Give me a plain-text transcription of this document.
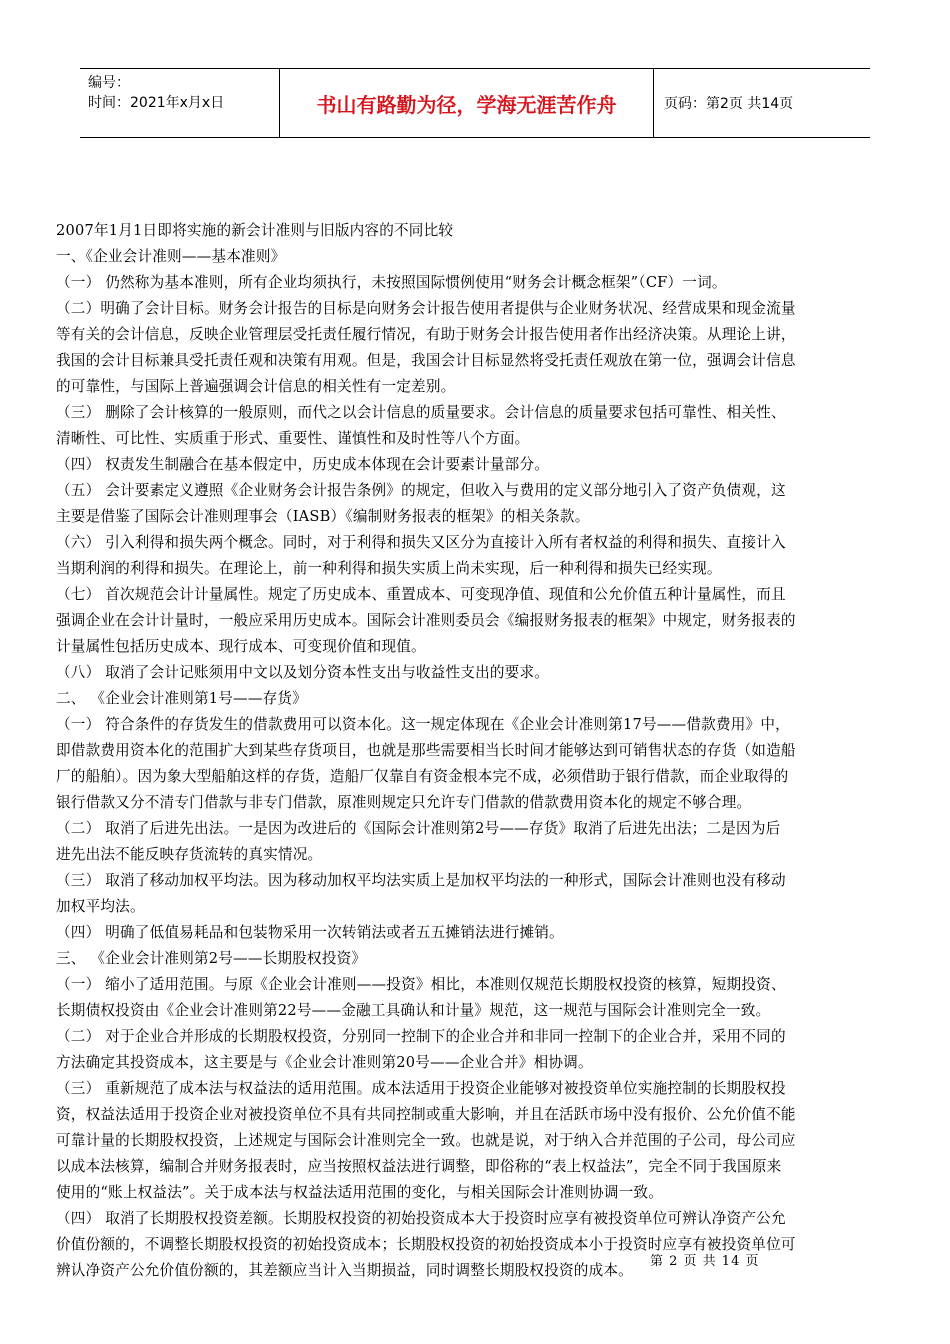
编号：
时间：2021年x月x日	书山有路勤为径，学海无涯苦作舟	页码：第2页 共14页

2007年1月1日即将实施的新会计准则与旧版内容的不同比较

一、《企业会计准则——基本准则》

（一） 仍然称为基本准则，所有企业均须执行，未按照国际惯例使用“财务会计概念框架”（CF）一词。

（二）明确了会计目标。财务会计报告的目标是向财务会计报告使用者提供与企业财务状况、经营成果和现金流量

等有关的会计信息，反映企业管理层受托责任履行情况，有助于财务会计报告使用者作出经济决策。从理论上讲，

我国的会计目标兼具受托责任观和决策有用观。但是，我国会计目标显然将受托责任观放在第一位，强调会计信息

的可靠性，与国际上普遍强调会计信息的相关性有一定差别。

（三） 删除了会计核算的一般原则，而代之以会计信息的质量要求。会计信息的质量要求包括可靠性、相关性、

清晰性、可比性、实质重于形式、重要性、谨慎性和及时性等八个方面。

（四） 权责发生制融合在基本假定中，历史成本体现在会计要素计量部分。

（五） 会计要素定义遵照《企业财务会计报告条例》的规定，但收入与费用的定义部分地引入了资产负债观，这

主要是借鉴了国际会计准则理事会（IASB）《编制财务报表的框架》的相关条款。

（六） 引入利得和损失两个概念。同时，对于利得和损失又区分为直接计入所有者权益的利得和损失、直接计入

当期利润的利得和损失。在理论上，前一种利得和损失实质上尚未实现，后一种利得和损失已经实现。

（七） 首次规范会计计量属性。规定了历史成本、重置成本、可变现净值、现值和公允价值五种计量属性，而且

强调企业在会计计量时，一般应采用历史成本。国际会计准则委员会《编报财务报表的框架》中规定，财务报表的

计量属性包括历史成本、现行成本、可变现价值和现值。

（八） 取消了会计记账须用中文以及划分资本性支出与收益性支出的要求。

二、 《企业会计准则第1号——存货》

（一） 符合条件的存货发生的借款费用可以资本化。这一规定体现在《企业会计准则第17号——借款费用》中，

即借款费用资本化的范围扩大到某些存货项目，也就是那些需要相当长时间才能够达到可销售状态的存货（如造船

厂的船舶）。因为象大型船舶这样的存货，造船厂仅靠自有资金根本完不成，必须借助于银行借款，而企业取得的

银行借款又分不清专门借款与非专门借款，原准则规定只允许专门借款的借款费用资本化的规定不够合理。

（二） 取消了后进先出法。一是因为改进后的《国际会计准则第2号——存货》取消了后进先出法；二是因为后

进先出法不能反映存货流转的真实情况。

（三） 取消了移动加权平均法。因为移动加权平均法实质上是加权平均法的一种形式，国际会计准则也没有移动

加权平均法。

（四） 明确了低值易耗品和包装物采用一次转销法或者五五摊销法进行摊销。

三、 《企业会计准则第2号——长期股权投资》

（一） 缩小了适用范围。与原《企业会计准则——投资》相比，本准则仅规范长期股权投资的核算，短期投资、

长期债权投资由《企业会计准则第22号——金融工具确认和计量》规范，这一规范与国际会计准则完全一致。

（二） 对于企业合并形成的长期股权投资，分别同一控制下的企业合并和非同一控制下的企业合并，采用不同的

方法确定其投资成本，这主要是与《企业会计准则第20号——企业合并》相协调。

（三） 重新规范了成本法与权益法的适用范围。成本法适用于投资企业能够对被投资单位实施控制的长期股权投

资，权益法适用于投资企业对被投资单位不具有共同控制或重大影响，并且在活跃市场中没有报价、公允价值不能

可靠计量的长期股权投资，上述规定与国际会计准则完全一致。也就是说，对于纳入合并范围的子公司，母公司应

以成本法核算，编制合并财务报表时，应当按照权益法进行调整，即俗称的“表上权益法”，完全不同于我国原来

使用的“账上权益法”。关于成本法与权益法适用范围的变化，与相关国际会计准则协调一致。

（四） 取消了长期股权投资差额。长期股权投资的初始投资成本大于投资时应享有被投资单位可辨认净资产公允

价值份额的，不调整长期股权投资的初始投资成本；长期股权投资的初始投资成本小于投资时应享有被投资单位可

辨认净资产公允价值份额的，其差额应当计入当期损益，同时调整长期股权投资的成本。

第 2 页 共 14 页
